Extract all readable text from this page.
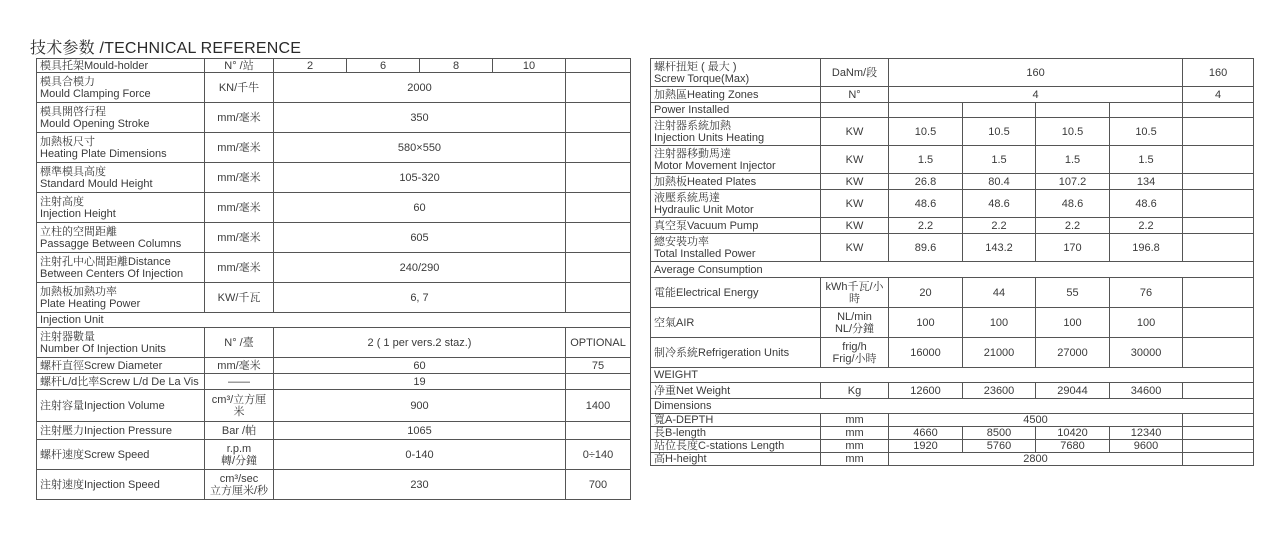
技术参数 /TECHNICAL REFERENCE
模具托架Mould-holder	N° /站	2	6	8	10	
模具合模力
Mould Clamping Force	KN/千牛	2000				
模具開啓行程
Mould Opening Stroke	mm/毫米	350				
加熱板尺寸
Heating Plate Dimensions	mm/毫米	580×550				
標準模具高度
Standard Mould Height	mm/毫米	105-320				
注射高度
Injection Height	mm/毫米	60				
立柱的空間距離
Passagge Between Columns	mm/毫米	605				
注射孔中心間距離Distance
Between Centers Of Injection	mm/毫米	240/290				
加熱板加熱功率
Plate Heating Power	KW/千瓦	6, 7				
Injection Unit						
注射器數量
Number Of Injection Units	N° /臺	2 ( 1 per vers.2 staz.)				OPTIONAL
螺杆直徑Screw Diameter	mm/毫米	60				75
螺杆L/d比率Screw L/d De La Vis	——	19				
注射容量Injection Volume	cm³/立方厘
米	900				1400
注射壓力Injection Pressure	Bar /帕	1065				
螺杆速度Screw Speed	r.p.m
轉/分鐘	0-140				0÷140
注射速度Injection Speed	cm³/sec
立方厘米/秒	230				700
螺杆扭矩 ( 最大 )
Screw Torque(Max)	DaNm/段	160				160
加熱區Heating Zones	N°	4				4
Power Installed						
注射器系統加熱
Injection Units Heating	KW	10.5	10.5	10.5	10.5	
注射器移動馬達
Motor Movement Injector	KW	1.5	1.5	1.5	1.5	
加熱板Heated Plates	KW	26.8	80.4	107.2	134	
液壓系統馬達
Hydraulic Unit Motor	KW	48.6	48.6	48.6	48.6	
真空泵Vacuum Pump	KW	2.2	2.2	2.2	2.2	
總安裝功率
Total Installed Power	KW	89.6	143.2	170	196.8	
Average Consumption						
電能Electrical Energy	kWh千瓦/小
時	20	44	55	76	
空氣AIR	NL/min
NL/分鐘	100	100	100	100	
制冷系統Refrigeration Units	frig/h
Frig/小時	16000	21000	27000	30000	
WEIGHT						
净重Net Weight	Kg	12600	23600	29044	34600	
Dimensions						
寬A-DEPTH	mm	4500				
長B-length	mm	4660	8500	10420	12340	
站位長度C-stations Length	mm	1920	5760	7680	9600	
高H-height	mm	2800				
